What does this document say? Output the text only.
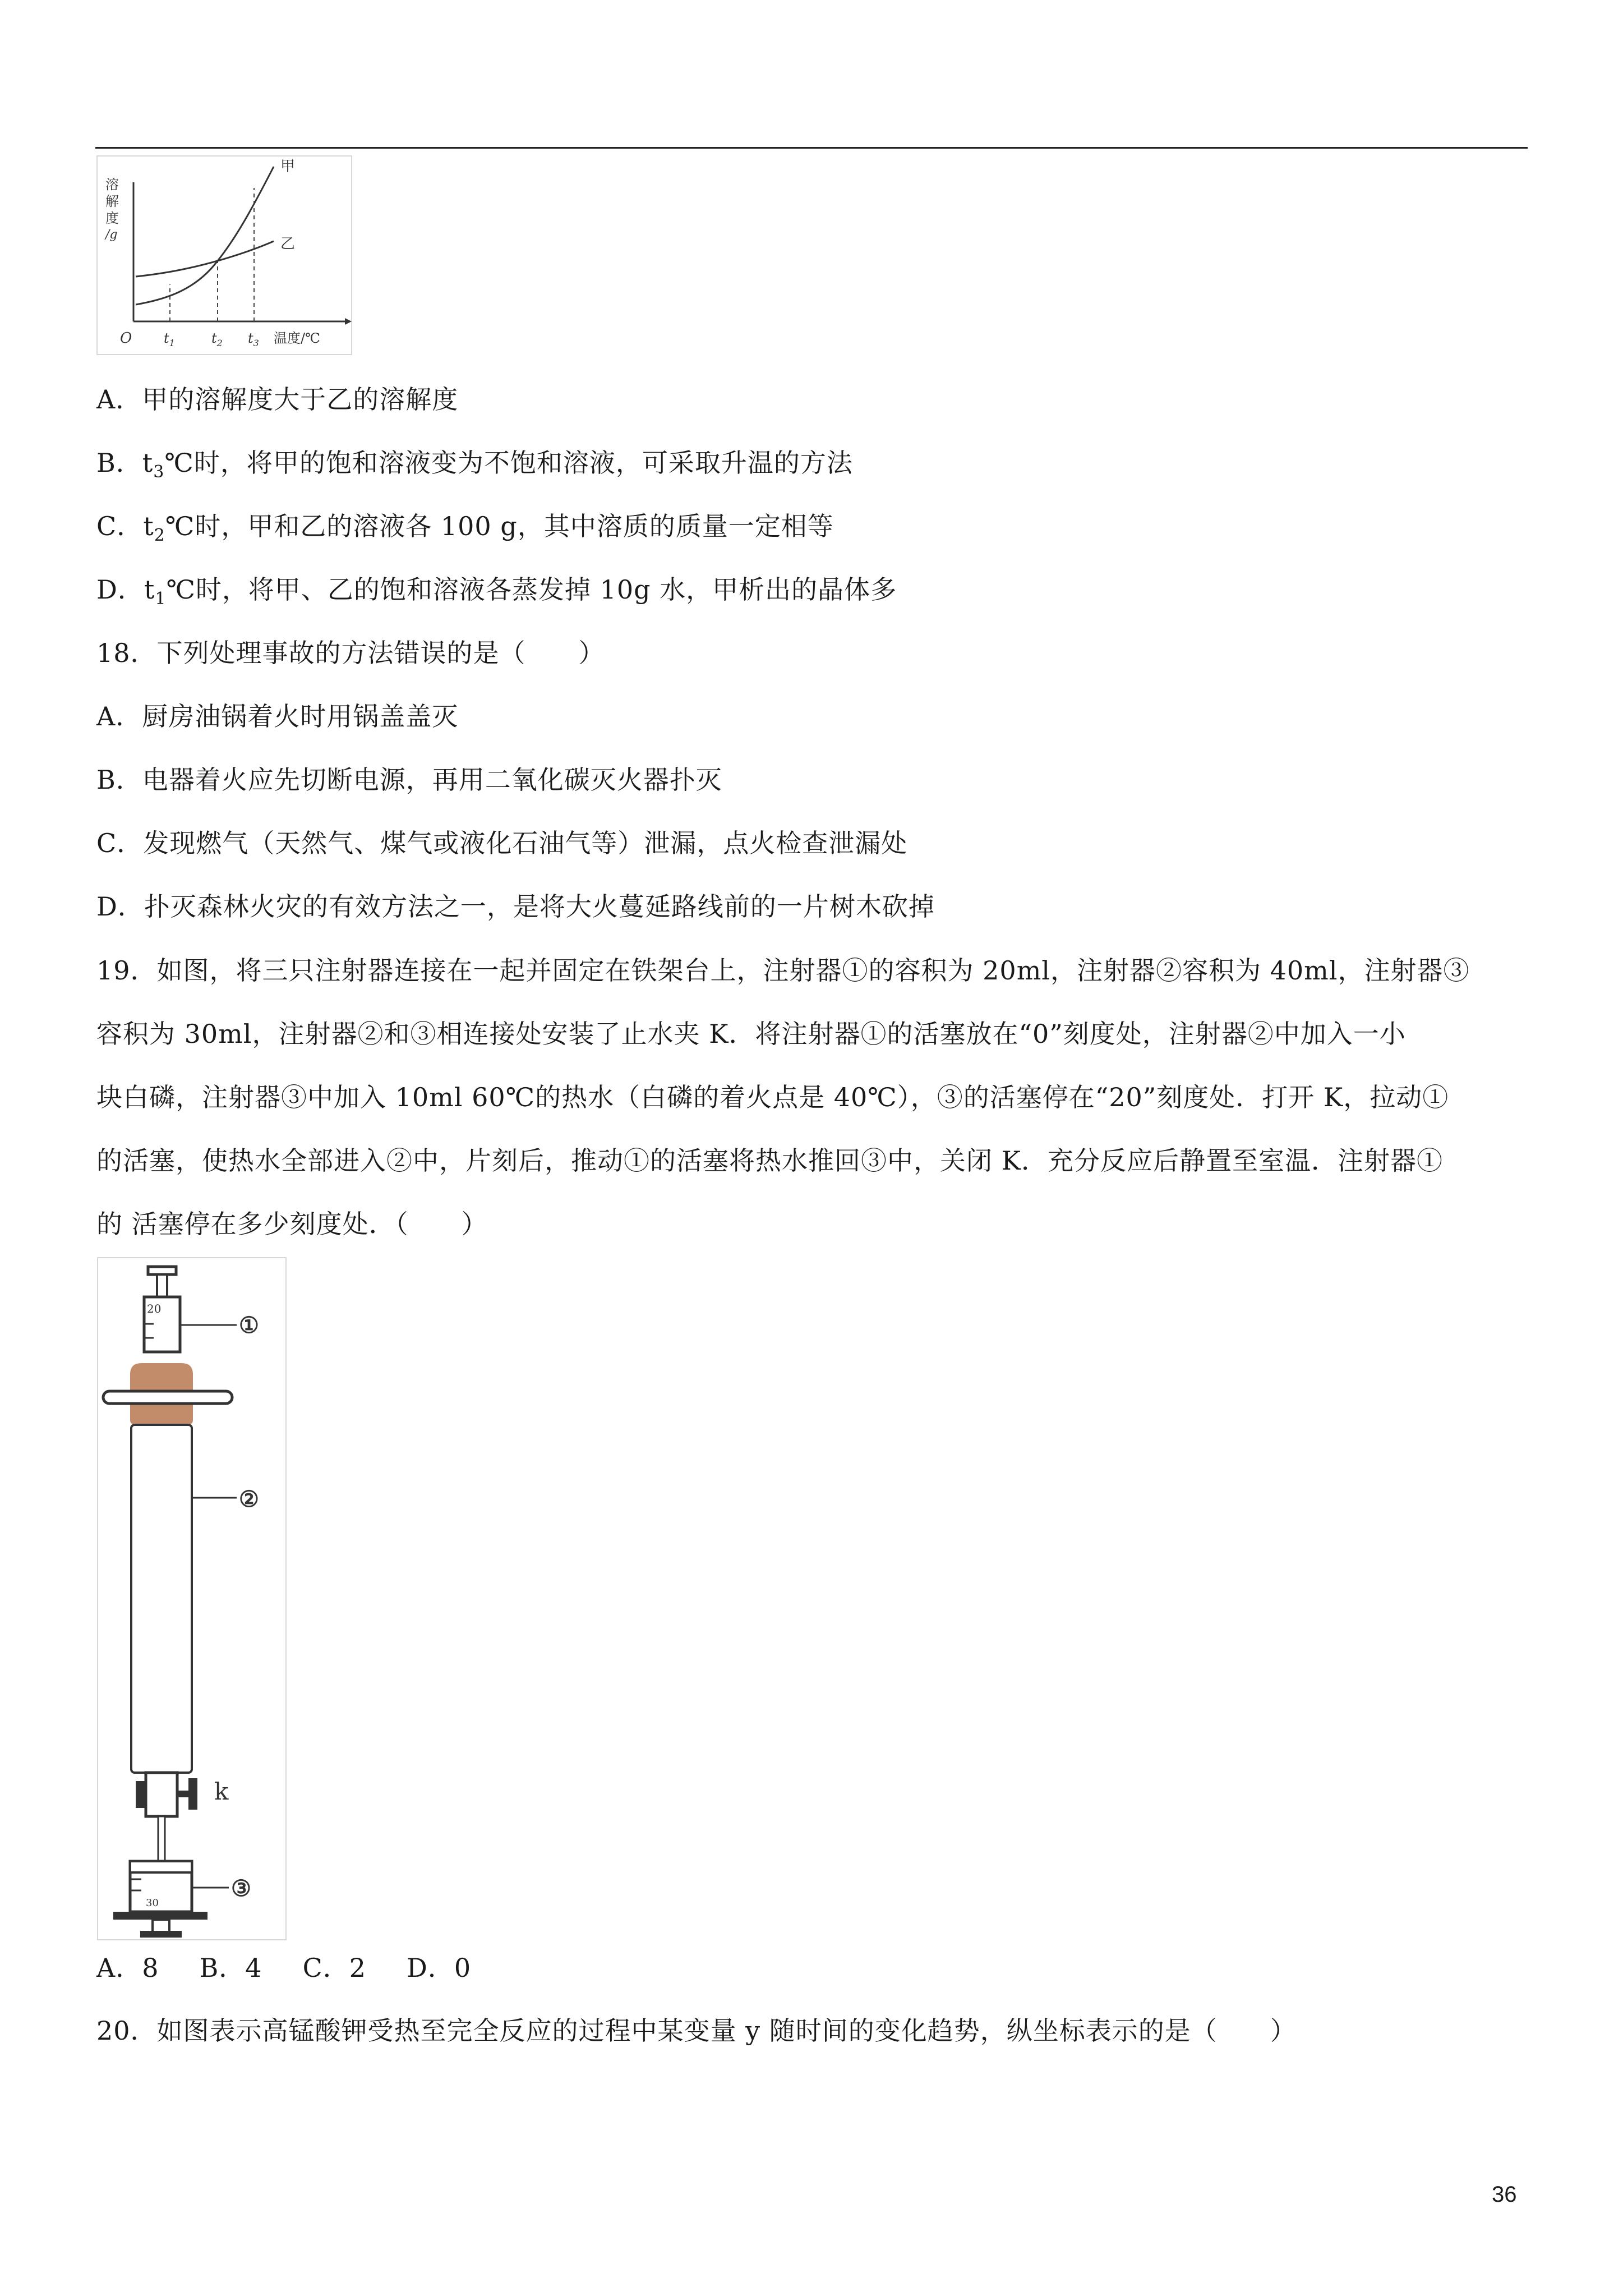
甲
乙
溶
解
度
/g
O $t_1$	$t_2$ $t_3$ 温度/℃
A．甲的溶解度大于乙的溶解度
B．$t_3℃$时，将甲的饱和溶液变为不饱和溶液，可采取升温的方法
C．$t_2℃$时，甲和乙的溶液各 100 g，其中溶质的质量一定相等
D．$t_1℃$时，将甲、乙的饱和溶液各蒸发掉 10g 水，甲析出的晶体多
18．下列处理事故的方法错误的是（　　）
A．厨房油锅着火时用锅盖盖灭
B．电器着火应先切断电源，再用二氧化碳灭火器扑灭
C．发现燃气（天然气、煤气或液化石油气等）泄漏，点火检查泄漏处
D．扑灭森林火灾的有效方法之一，是将大火蔓延路线前的一片树木砍掉
19．如图，将三只注射器连接在一起并固定在铁架台上，注射器①的容积为 20ml，注射器②容积为 40ml，注射器③
容积为 30ml，注射器②和③相连接处安装了止水夹 K．将注射器①的活塞放在“0”刻度处，注射器②中加入一小
块白磷，注射器③中加入 10ml 60℃的热水（白磷的着火点是 40℃），③的活塞停在“20”刻度处．打开 K，拉动①
的活塞，使热水全部进入②中，片刻后，推动①的活塞将热水推回③中，关闭 K．充分反应后静置至室温．注射器①
的 活塞停在多少刻度处．（　　）
20
①
②
k
30
③
A．8 B．4 C．2 D．0
20．如图表示高锰酸钾受热至完全反应的过程中某变量 y 随时间的变化趋势，纵坐标表示的是（　　）
36
